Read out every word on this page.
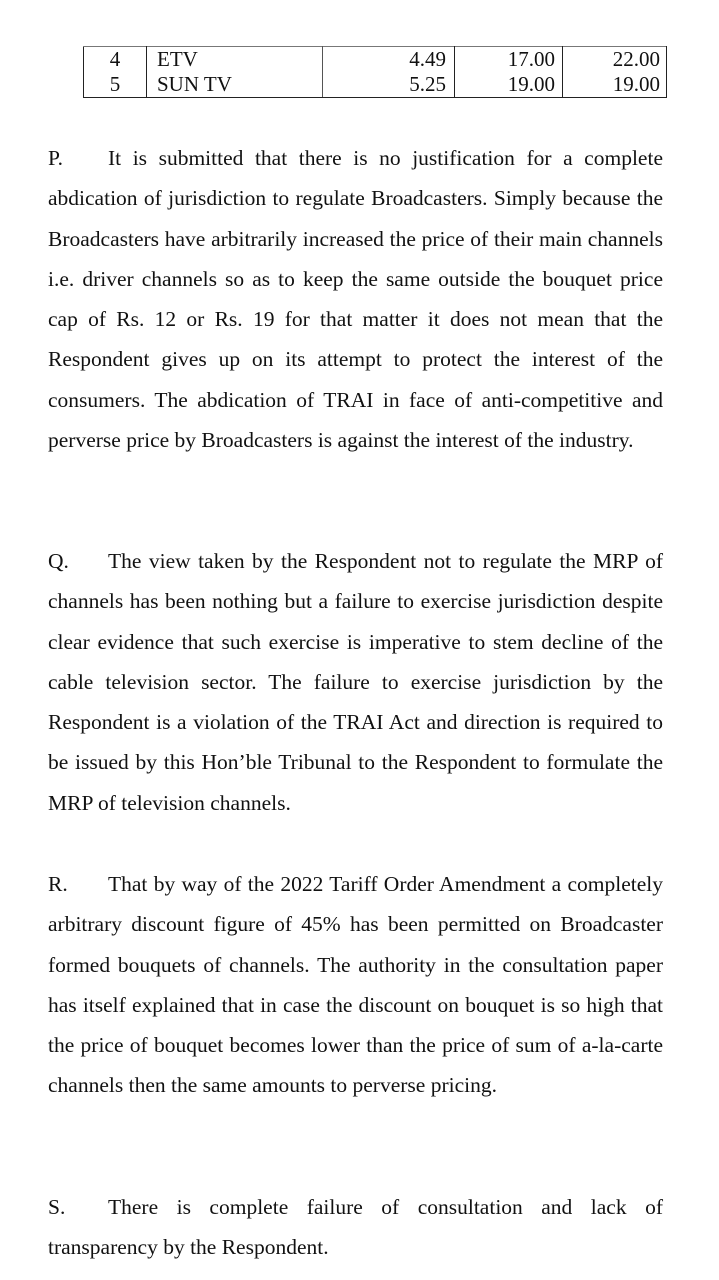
4	ETV	4.49	17.00	22.00
5	SUN TV	5.25	19.00	19.00

P. It is submitted that there is no justification for a complete abdication of jurisdiction to regulate Broadcasters. Simply because the Broadcasters have arbitrarily increased the price of their main channels i.e. driver channels so as to keep the same outside the bouquet price cap of Rs. 12 or Rs. 19 for that matter it does not mean that the Respondent gives up on its attempt to protect the interest of the consumers. The abdication of TRAI in face of anti-competitive and perverse price by Broadcasters is against the interest of the industry.

Q. The view taken by the Respondent not to regulate the MRP of channels has been nothing but a failure to exercise jurisdiction despite clear evidence that such exercise is imperative to stem decline of the cable television sector. The failure to exercise jurisdiction by the Respondent is a violation of the TRAI Act and direction is required to be issued by this Hon’ble Tribunal to the Respondent to formulate the MRP of television channels.

R. That by way of the 2022 Tariff Order Amendment a completely arbitrary discount figure of 45% has been permitted on Broadcaster formed bouquets of channels. The authority in the consultation paper has itself explained that in case the discount on bouquet is so high that the price of bouquet becomes lower than the price of sum of a-la-carte channels then the same amounts to perverse pricing.

S. There is complete failure of consultation and lack of transparency by the Respondent.
